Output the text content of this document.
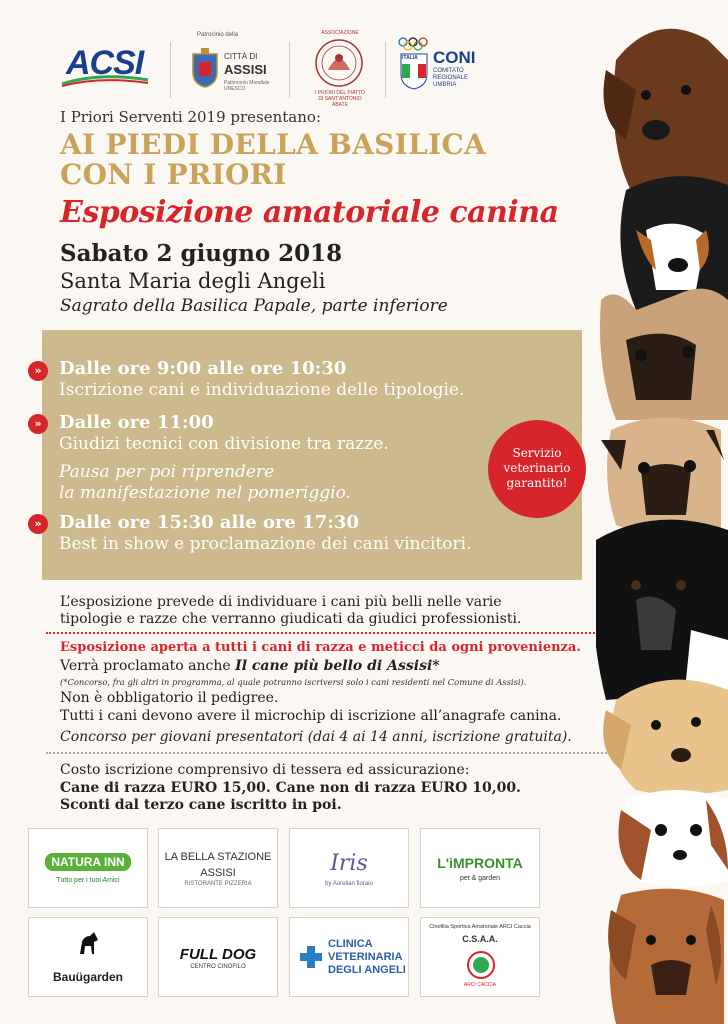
ACSI
Patrocinio della
CITTÀ DI
ASSISI
Patrimonio Mondiale UNESCO
ASSOCIAZIONE
I PRIORI DEL PIATTO DI SANT'ANTONIO ABATE
ITALIA CONI
COMITATO
REGIONALE
UMBRIA
I Priori Serventi 2019 presentano:
AI PIEDI DELLA BASILICA
CON I PRIORI
Esposizione amatoriale canina
Sabato 2 giugno 2018
Santa Maria degli Angeli
Sagrato della Basilica Papale, parte inferiore
» Dalle ore 9:00 alle ore 10:30
Iscrizione cani e individuazione delle tipologie.
» Dalle ore 11:00
Giudizi tecnici con divisione tra razze.
Pausa per poi riprendere
la manifestazione nel pomeriggio.
» Dalle ore 15:30 alle ore 17:30
Best in show e proclamazione dei cani vincitori.
Servizio
veterinario
garantito!
L’esposizione prevede di individuare i cani più belli nelle varie
tipologie e razze che verranno giudicati da giudici professionisti.
Esposizione aperta a tutti i cani di razza e meticci da ogni provenienza.
Verrà proclamato anche Il cane più bello di Assisi*
(*Concorso, fra gli altri in programma, al quale potranno iscriversi solo i cani residenti nel Comune di Assisi).
Non è obbligatorio il pedigree.
Tutti i cani devono avere il microchip di iscrizione all’anagrafe canina.
Concorso per giovani presentatori (dai 4 ai 14 anni, iscrizione gratuita).
Costo iscrizione comprensivo di tessera ed assicurazione:
Cane di razza EURO 15,00. Cane non di razza EURO 10,00.
Sconti dal terzo cane iscritto in poi.
NATURA INN
Tutto per i tuoi Amici
LA BELLA STAZIONE
ASSISI
RISTORANTE PIZZERIA
Iris
by Aurelian fioraio
L'iMPRONTA
pet & garden
Bauügarden
FULL DOG
CENTRO CINOFILO
CLINICA
VETERINARIA
DEGLI ANGELI
Cinofilia Sportiva Amatoriale ARCI Caccia
C.S.A.A.
ARCI CACCIA
